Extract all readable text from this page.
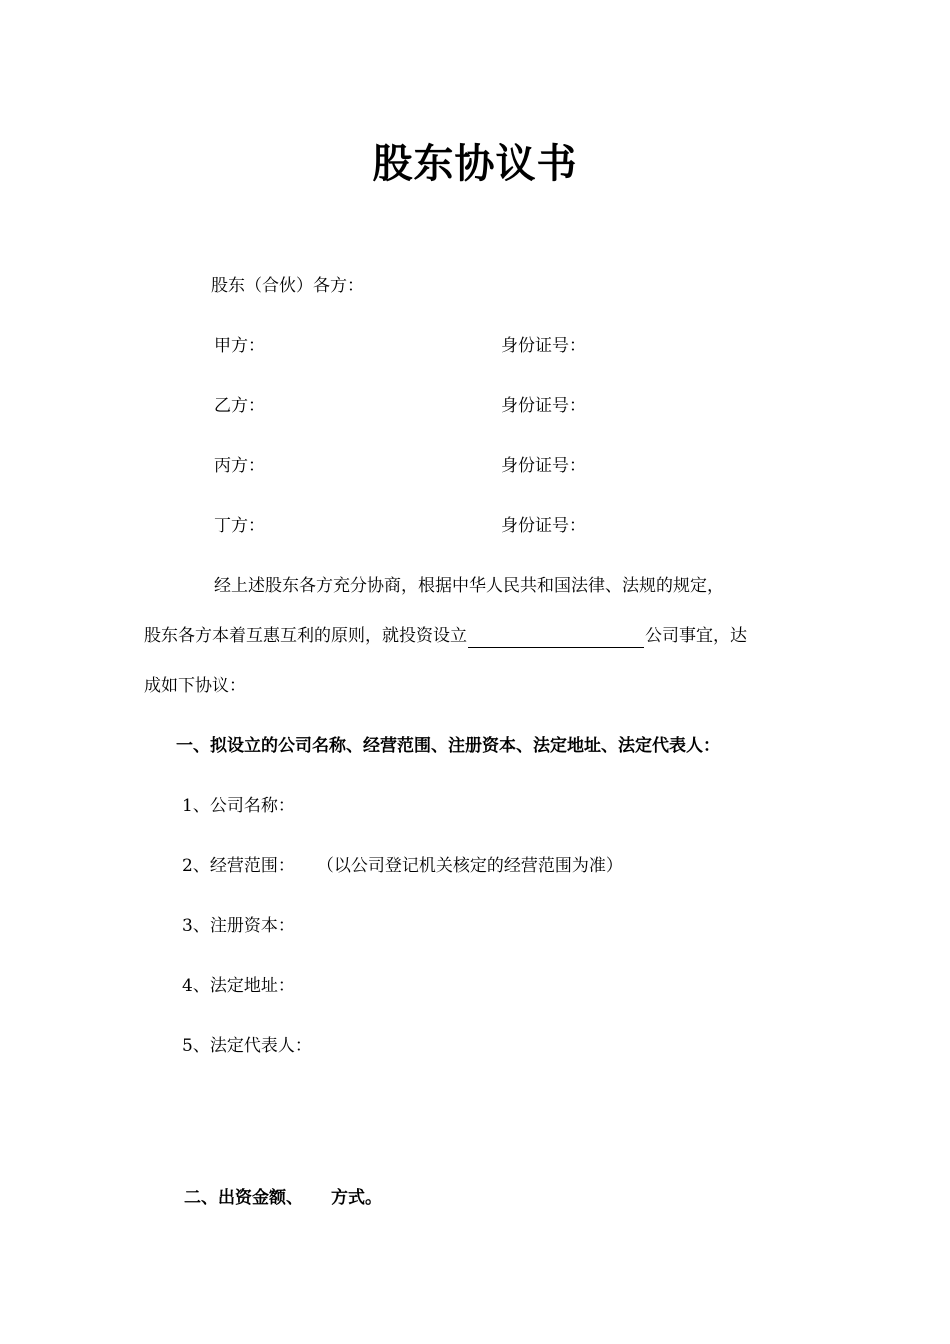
股东协议书
股东（合伙）各方：
甲方：	身份证号：
乙方：	身份证号：
丙方：	身份证号：
丁方：	身份证号：
经上述股东各方充分协商，根据中华人民共和国法律、法规的规定，
股东各方本着互惠互利的原则，就投资设立	公司事宜，达
成如下协议：
一、拟设立的公司名称、经营范围、注册资本、法定地址、法定代表人：
1、公司名称：
2、经营范围： （以公司登记机关核定的经营范围为准）
3、注册资本：
4、法定地址：
5、法定代表人：
二、出资金额、 方式。
